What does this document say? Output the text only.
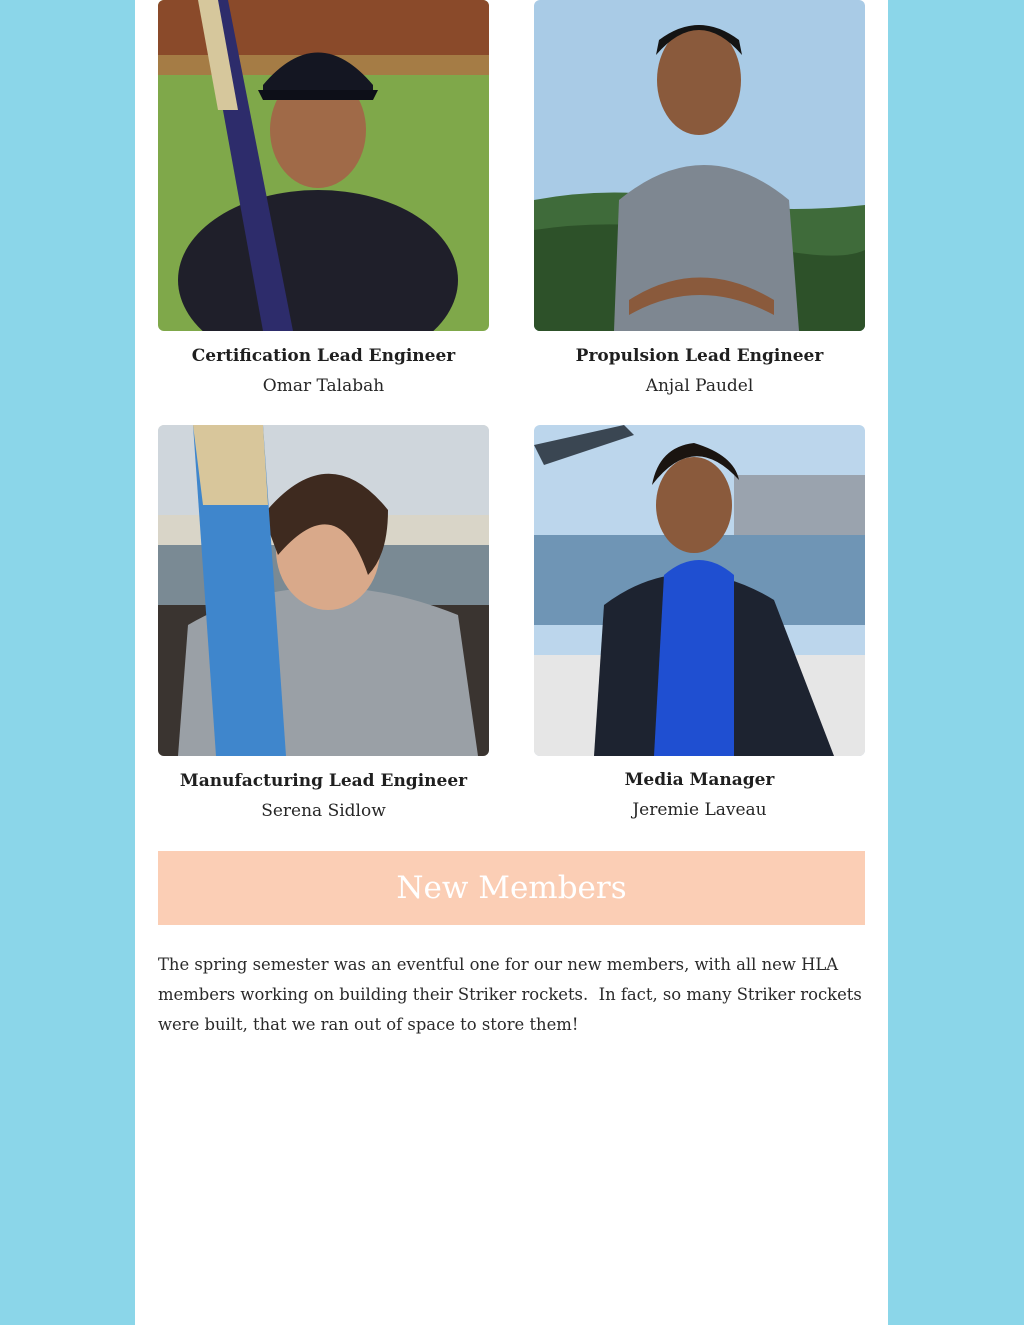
Certification Lead Engineer
Omar Talabah
Propulsion Lead Engineer
Anjal Paudel
Manufacturing Lead Engineer
Serena Sidlow
Media Manager
Jeremie Laveau
New Members
The spring semester was an eventful one for our new members, with all new HLA members working on building their Striker rockets.  In fact, so many Striker rockets were built, that we ran out of space to store them!
